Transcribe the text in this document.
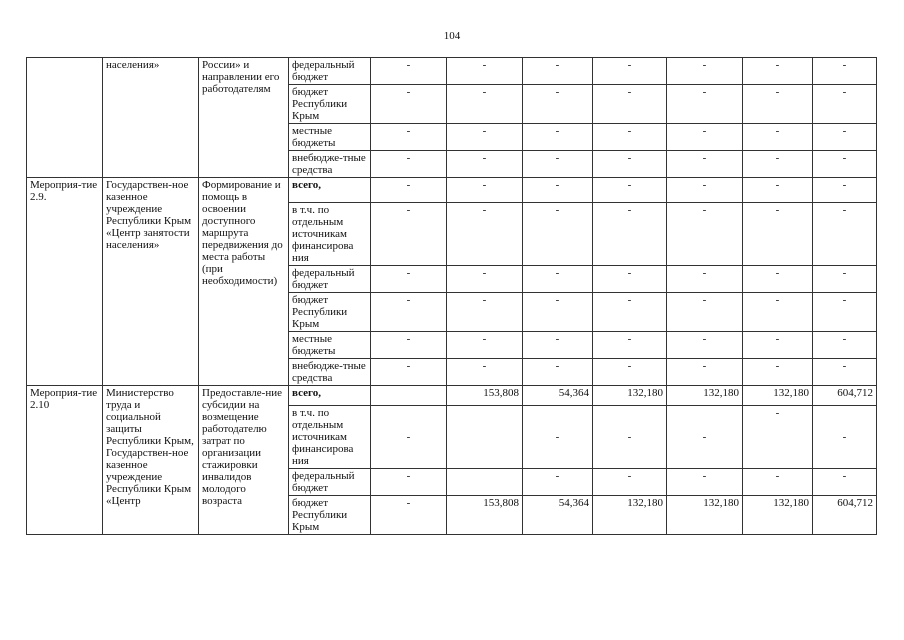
104
	населения»	России» и направлении его работодателям	федеральный бюджет	-	-	-	-	-	-	-
			бюджет Республики Крым	-	-	-	-	-	-	-
			местные бюджеты	-	-	-	-	-	-	-
			внебюдже-тные средства	-	-	-	-	-	-	-
Мероприя-тие 2.9.	Государствен-ное казенное учреждение Республики Крым «Центр занятости населения»	Формирование и помощь в освоении доступного маршрута передвижения до места работы (при необходимости)	всего,	-	-	-	-	-	-	-
			в т.ч. по отдельным источникам финансирова ния	-	-	-	-	-	-	-
			федеральный бюджет	-	-	-	-	-	-	-
			бюджет Республики Крым	-	-	-	-	-	-	-
			местные бюджеты	-	-	-	-	-	-	-
			внебюдже-тные средства	-	-	-	-	-	-	-
Мероприя-тие 2.10	Министерство труда и социальной защиты Республики Крым, Государствен-ное казенное учреждение Республики Крым «Центр	Предоставле-ние субсидии на возмещение работодателю затрат по организации стажировки инвалидов молодого возраста	всего,		153,808	54,364	132,180	132,180	132,180	604,712
			в т.ч. по отдельным источникам финансирова ния	-		-	-	-	-	-
			федеральный бюджет	-		-	-	-	-	-
			бюджет Республики Крым	-	153,808	54,364	132,180	132,180	132,180	604,712
